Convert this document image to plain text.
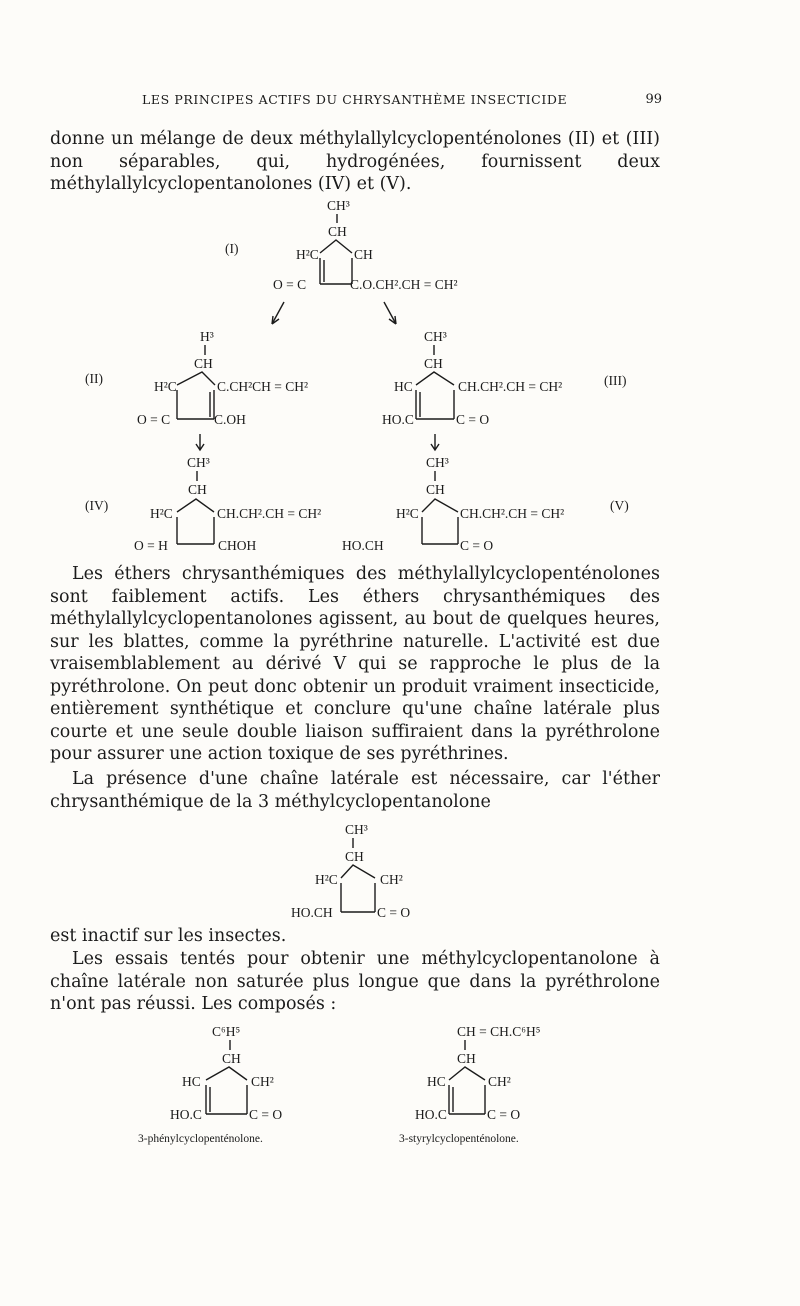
LES PRINCIPES ACTIFS DU CHRYSANTHÈME INSECTICIDE	99

donne un mélange de deux méthylallylcyclopenténolones (II) et (III) non séparables, qui, hydrogénées, fournissent deux méthylallylcyclopentanolones (IV) et (V).

(I)
CH³
CH
H²C	CH
O = C	C.O.CH².CH = CH²
(II)
H³
CH
H²C	C.CH²CH = CH²
O = C	C.OH
CH³
CH
HC	CH.CH².CH = CH²	(III)
HO.C	C = O
(IV)
CH³
CH
H²C	CH.CH².CH = CH²
O = H	CHOH
CH³
CH
H²C	CH.CH².CH = CH²
(V)
HO.CH	C = O

Les éthers chrysanthémiques des méthylallylcyclopenténolones sont faiblement actifs. Les éthers chrysanthémiques des méthylallylcyclopentanolones agissent, au bout de quelques heures, sur les blattes, comme la pyréthrine naturelle. L'activité est due vraisemblablement au dérivé V qui se rapproche le plus de la pyréthrolone. On peut donc obtenir un produit vraiment insecticide, entièrement synthétique et conclure qu'une chaîne latérale plus courte et une seule double liaison suffiraient dans la pyréthrolone pour assurer une action toxique de ses pyréthrines.

La présence d'une chaîne latérale est nécessaire, car l'éther chrysanthémique de la 3 méthylcyclopentanolone

CH³
CH
H²C	CH²
HO.CH	C = O

est inactif sur les insectes.

Les essais tentés pour obtenir une méthylcyclopentanolone à chaîne latérale non saturée plus longue que dans la pyréthrolone n'ont pas réussi. Les composés :

C⁶H⁵
CH
HC	CH²
HO.C	C = O
3-phénylcyclopenténolone.
CH = CH.C⁶H⁵
CH
HC	CH²
HO.C	C = O
3-styrylcyclopenténolone.
